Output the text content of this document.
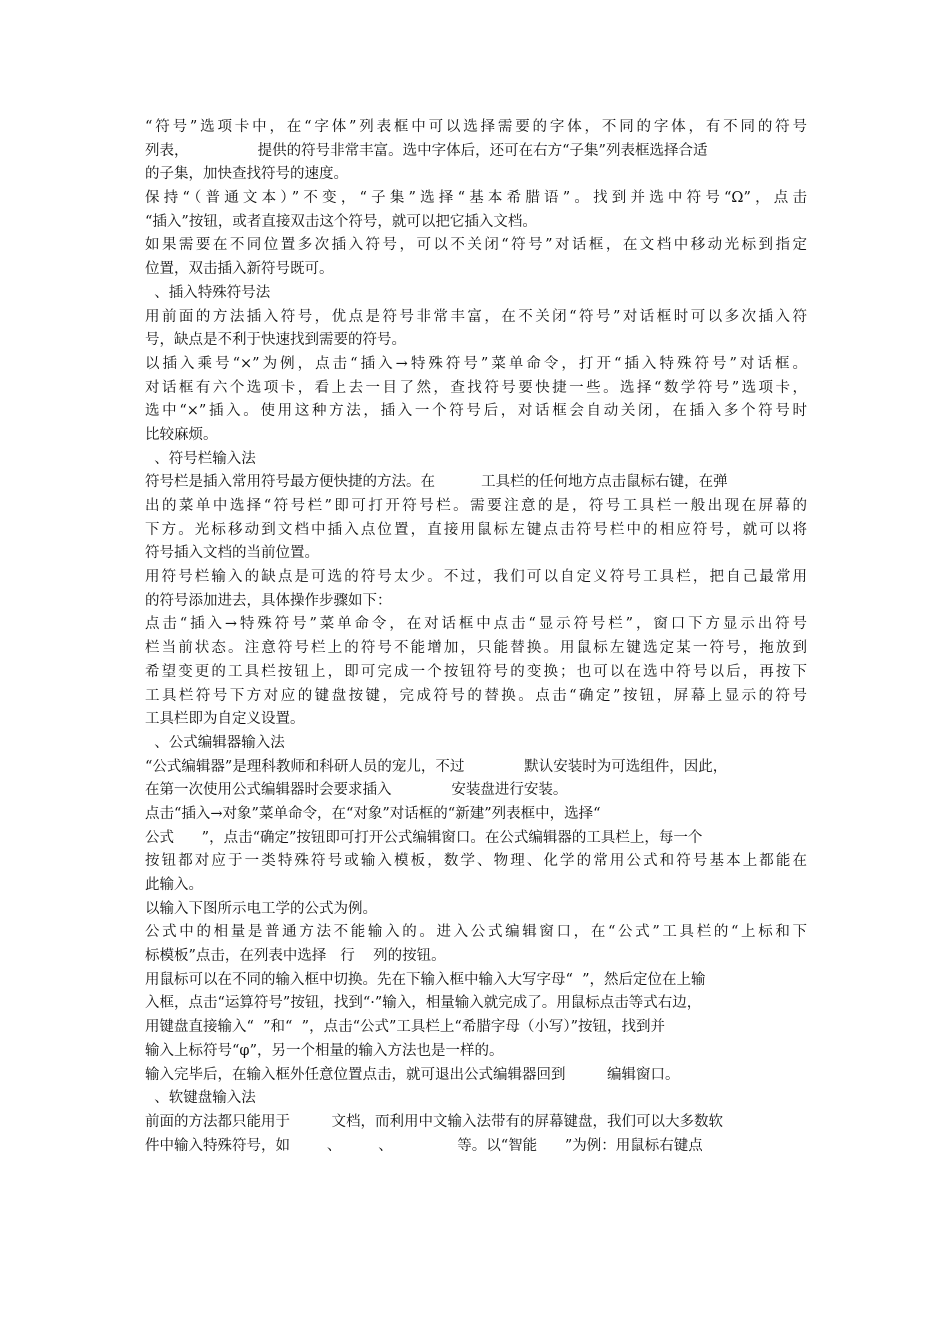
“符号”选项卡中，在“字体”列表框中可以选择需要的字体，不同的字体，有不同的符号
列表，               提供的符号非常丰富。选中字体后，还可在右方“子集”列表框选择合适
的子集，加快查找符号的速度。
保持“（普通文本）”不变，“子集”选择“基本希腊语”。找到并选中符号“Ω”，点击
“插入”按钮，或者直接双击这个符号，就可以把它插入文档。
如果需要在不同位置多次插入符号，可以不关闭“符号”对话框，在文档中移动光标到指定
位置，双击插入新符号既可。
、插入特殊符号法
用前面的方法插入符号，优点是符号非常丰富，在不关闭“符号”对话框时可以多次插入符
号，缺点是不利于快速找到需要的符号。
以插入乘号“×”为例，点击“插入→特殊符号”菜单命令，打开“插入特殊符号”对话框。
对话框有六个选项卡，看上去一目了然，查找符号要快捷一些。选择“数学符号”选项卡，
选中“×”插入。使用这种方法，插入一个符号后，对话框会自动关闭，在插入多个符号时
比较麻烦。
、符号栏输入法
符号栏是插入常用符号最方便快捷的方法。在          工具栏的任何地方点击鼠标右键，在弹
出的菜单中选择“符号栏”即可打开符号栏。需要注意的是，符号工具栏一般出现在屏幕的
下方。光标移动到文档中插入点位置，直接用鼠标左键点击符号栏中的相应符号，就可以将
符号插入文档的当前位置。
用符号栏输入的缺点是可选的符号太少。不过，我们可以自定义符号工具栏，把自己最常用
的符号添加进去，具体操作步骤如下：
点击“插入→特殊符号”菜单命令，在对话框中点击“显示符号栏”，窗口下方显示出符号
栏当前状态。注意符号栏上的符号不能增加，只能替换。用鼠标左键选定某一符号，拖放到
希望变更的工具栏按钮上，即可完成一个按钮符号的变换；也可以在选中符号以后，再按下
工具栏符号下方对应的键盘按键，完成符号的替换。点击“确定”按钮，屏幕上显示的符号
工具栏即为自定义设置。
、公式编辑器输入法
“公式编辑器”是理科教师和科研人员的宠儿，不过             默认安装时为可选组件，因此，
在第一次使用公式编辑器时会要求插入             安装盘进行安装。
点击“插入→对象”菜单命令，在“对象”对话框的“新建”列表框中，选择“
公式      ”，点击“确定”按钮即可打开公式编辑窗口。在公式编辑器的工具栏上，每一个
按钮都对应于一类特殊符号或输入模板，数学、物理、化学的常用公式和符号基本上都能在
此输入。
以输入下图所示电工学的公式为例。
公式中的相量是普通方法不能输入的。进入公式编辑窗口，在“公式”工具栏的“上标和下
标模板”点击，在列表中选择   行    列的按钮。
用鼠标可以在不同的输入框中切换。先在下输入框中输入大写字母“  ”，然后定位在上输
入框，点击“运算符号”按钮，找到“·”输入，相量输入就完成了。用鼠标点击等式右边，
用键盘直接输入“  ”和“  ”，点击“公式”工具栏上“希腊字母（小写）”按钮，找到并
输入上标符号“φ”，另一个相量的输入方法也是一样的。
输入完毕后，在输入框外任意位置点击，就可退出公式编辑器回到         编辑窗口。
、软键盘输入法
前面的方法都只能用于         文档，而利用中文输入法带有的屏幕键盘，我们可以大多数软
件中输入特殊符号，如        、        、              等。以“智能      ”为例：用鼠标右键点
